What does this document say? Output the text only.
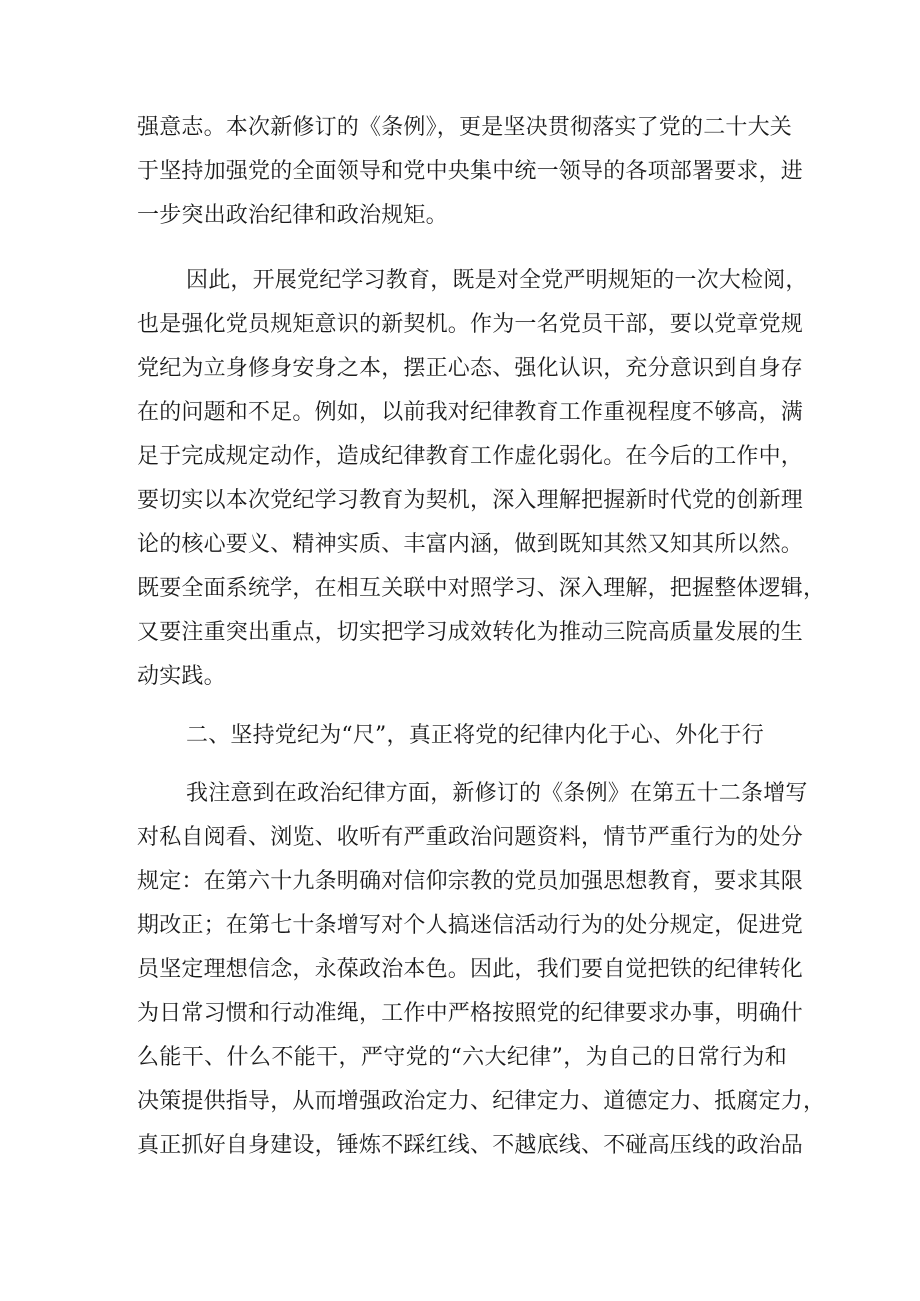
强意志。本次新修订的《条例》，更是坚决贯彻落实了党的二十大关
于坚持加强党的全面领导和党中央集中统一领导的各项部署要求，进
一步突出政治纪律和政治规矩。
因此，开展党纪学习教育，既是对全党严明规矩的一次大检阅，
也是强化党员规矩意识的新契机。作为一名党员干部，要以党章党规
党纪为立身修身安身之本，摆正心态、强化认识，充分意识到自身存
在的问题和不足。例如，以前我对纪律教育工作重视程度不够高，满
足于完成规定动作，造成纪律教育工作虚化弱化。在今后的工作中，
要切实以本次党纪学习教育为契机，深入理解把握新时代党的创新理
论的核心要义、精神实质、丰富内涵，做到既知其然又知其所以然。
既要全面系统学，在相互关联中对照学习、深入理解，把握整体逻辑，
又要注重突出重点，切实把学习成效转化为推动三院高质量发展的生
动实践。
二、坚持党纪为“尺”，真正将党的纪律内化于心、外化于行
我注意到在政治纪律方面，新修订的《条例》在第五十二条增写
对私自阅看、浏览、收听有严重政治问题资料，情节严重行为的处分
规定：在第六十九条明确对信仰宗教的党员加强思想教育，要求其限
期改正；在第七十条增写对个人搞迷信活动行为的处分规定，促进党
员坚定理想信念，永葆政治本色。因此，我们要自觉把铁的纪律转化
为日常习惯和行动准绳，工作中严格按照党的纪律要求办事，明确什
么能干、什么不能干，严守党的“六大纪律”，为自己的日常行为和
决策提供指导，从而增强政治定力、纪律定力、道德定力、抵腐定力，
真正抓好自身建设，锤炼不踩红线、不越底线、不碰高压线的政治品
